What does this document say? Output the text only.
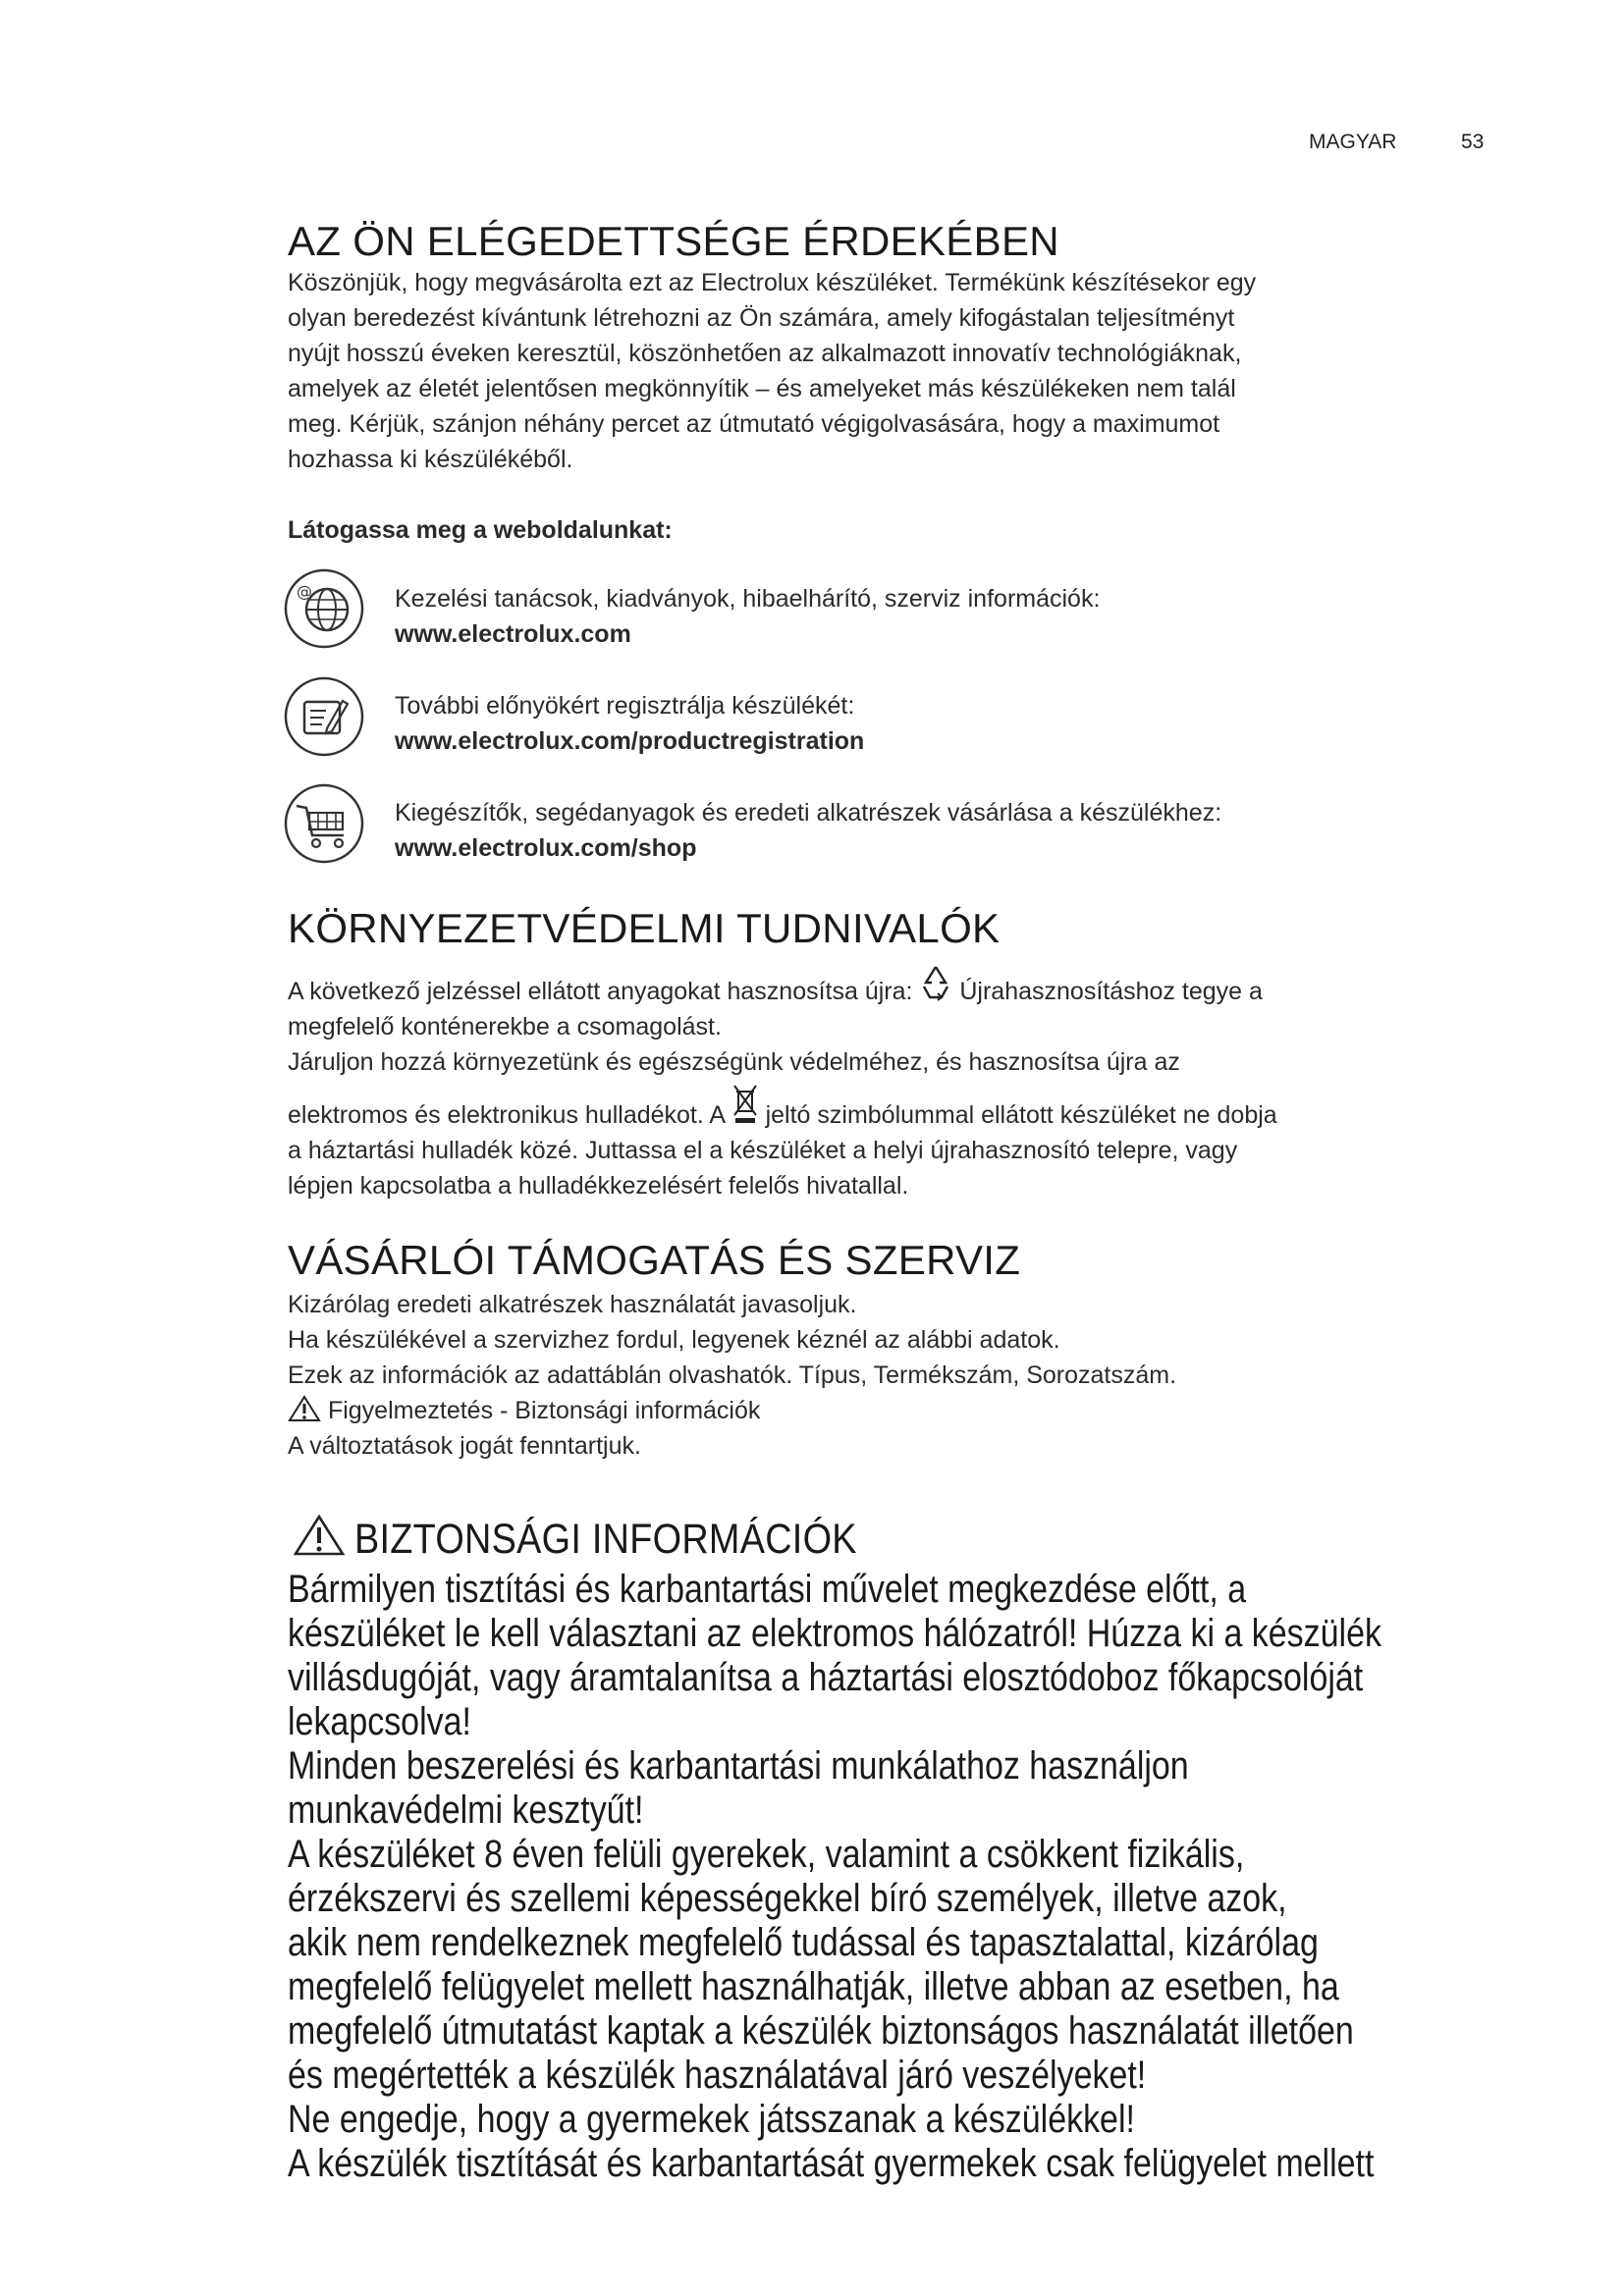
MAGYAR	53
AZ ÖN ELÉGEDETTSÉGE ÉRDEKÉBEN
Köszönjük, hogy megvásárolta ezt az Electrolux készüléket. Termékünk készítésekor egy
olyan beredezést kívántunk létrehozni az Ön számára, amely kifogástalan teljesítményt
nyújt hosszú éveken keresztül, köszönhetően az alkalmazott innovatív technológiáknak,
amelyek az életét jelentősen megkönnyítik – és amelyeket más készülékeken nem talál
meg. Kérjük, szánjon néhány percet az útmutató végigolvasására, hogy a maximumot
hozhassa ki készülékéből.
Látogassa meg a weboldalunkat:
@	Kezelési tanácsok, kiadványok, hibaelhárító, szerviz információk:
www.electrolux.com
További előnyökért regisztrálja készülékét:
www.electrolux.com/productregistration
Kiegészítők, segédanyagok és eredeti alkatrészek vásárlása a készülékhez:
www.electrolux.com/shop
KÖRNYEZETVÉDELMI TUDNIVALÓK
A következő jelzéssel ellátott anyagokat hasznosítsa újra:  Újrahasznosításhoz tegye a
megfelelő konténerekbe a csomagolást.
Járuljon hozzá környezetünk és egészségünk védelméhez, és hasznosítsa újra az
elektromos és elektronikus hulladékot. A  jeltó szimbólummal ellátott készüléket ne dobja
a háztartási hulladék közé. Juttassa el a készüléket a helyi újrahasznosító telepre, vagy
lépjen kapcsolatba a hulladékkezelésért felelős hivatallal.
VÁSÁRLÓI TÁMOGATÁS ÉS SZERVIZ
Kizárólag eredeti alkatrészek használatát javasoljuk.
Ha készülékével a szervizhez fordul, legyenek kéznél az alábbi adatok.
Ezek az információk az adattáblán olvashatók. Típus, Termékszám, Sorozatszám.
Figyelmeztetés - Biztonsági információk
A változtatások jogát fenntartjuk.
BIZTONSÁGI INFORMÁCIÓK
Bármilyen tisztítási és karbantartási művelet megkezdése előtt, a
készüléket le kell választani az elektromos hálózatról! Húzza ki a készülék
villásdugóját, vagy áramtalanítsa a háztartási elosztódoboz főkapcsolóját
lekapcsolva!
Minden beszerelési és karbantartási munkálathoz használjon
munkavédelmi kesztyűt!
A készüléket 8 éven felüli gyerekek, valamint a csökkent fizikális,
érzékszervi és szellemi képességekkel bíró személyek, illetve azok,
akik nem rendelkeznek megfelelő tudással és tapasztalattal, kizárólag
megfelelő felügyelet mellett használhatják, illetve abban az esetben, ha
megfelelő útmutatást kaptak a készülék biztonságos használatát illetően
és megértették a készülék használatával járó veszélyeket!
Ne engedje, hogy a gyermekek játsszanak a készülékkel!
A készülék tisztítását és karbantartását gyermekek csak felügyelet mellett
